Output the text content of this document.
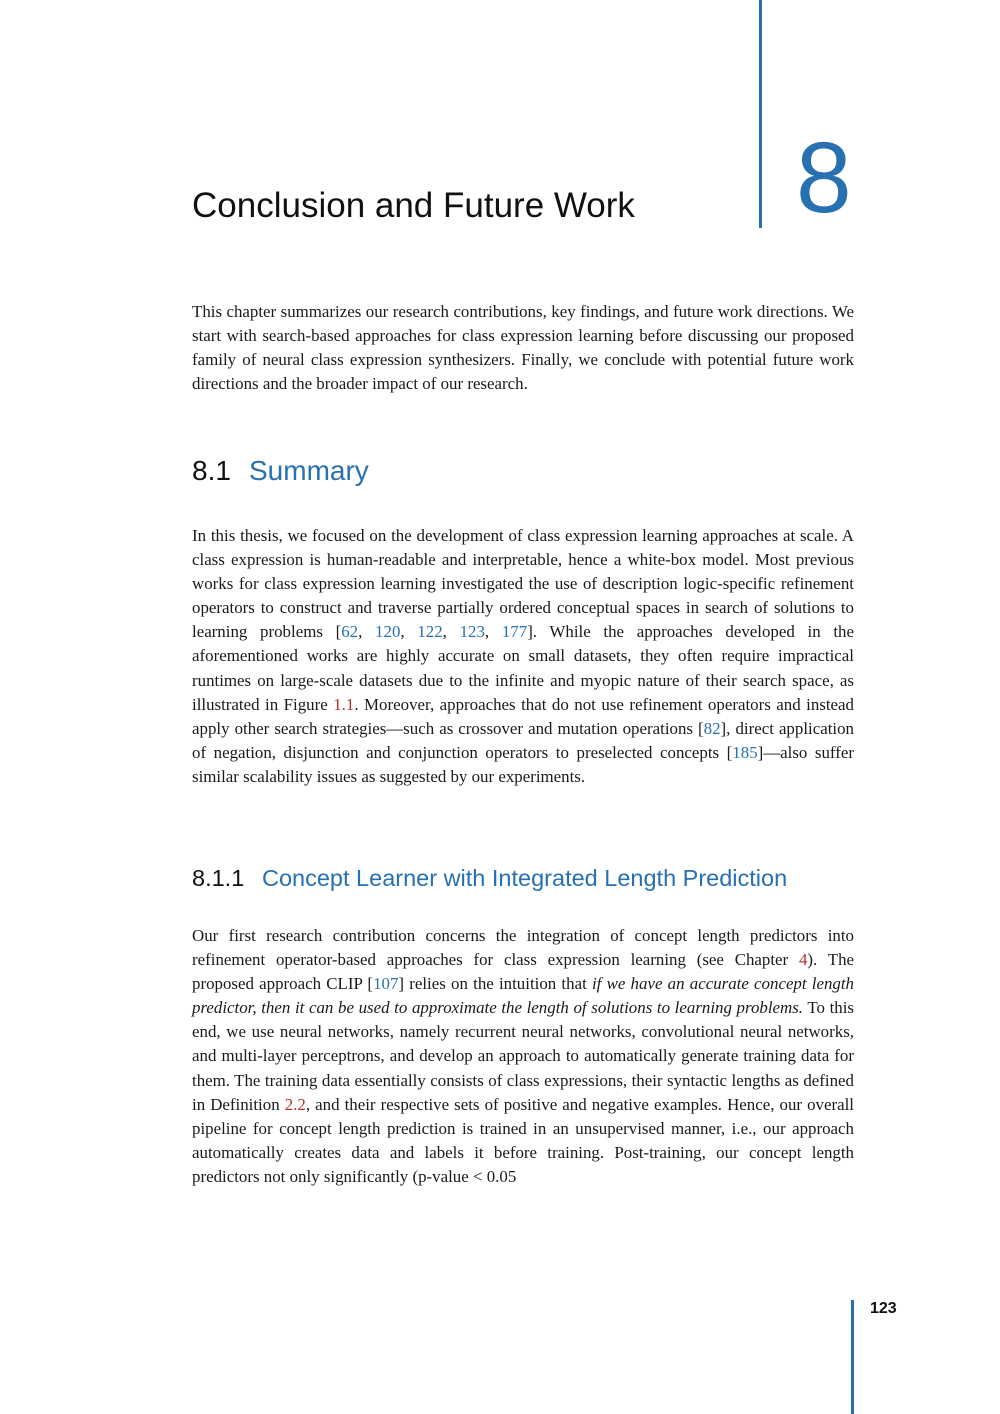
8
Conclusion and Future Work

This chapter summarizes our research contributions, key findings, and future work directions. We start with search-based approaches for class expression learning before discussing our proposed family of neural class expression synthesizers. Finally, we conclude with potential future work directions and the broader impact of our research.

8.1 Summary

In this thesis, we focused on the development of class expression learning approaches at scale. A class expression is human-readable and interpretable, hence a white-box model. Most previous works for class expression learning investigated the use of description logic-specific refinement operators to construct and traverse partially ordered conceptual spaces in search of solutions to learning problems [62, 120, 122, 123, 177]. While the approaches developed in the aforementioned works are highly accurate on small datasets, they often require impractical runtimes on large-scale datasets due to the infinite and myopic nature of their search space, as illustrated in Figure 1.1. Moreover, approaches that do not use refinement operators and instead apply other search strategies—such as crossover and mutation operations [82], direct application of negation, disjunction and conjunction operators to preselected concepts [185]—also suffer similar scalability issues as suggested by our experiments.

8.1.1 Concept Learner with Integrated Length Prediction

Our first research contribution concerns the integration of concept length predictors into refinement operator-based approaches for class expression learning (see Chapter 4). The proposed approach CLIP [107] relies on the intuition that if we have an accurate concept length predictor, then it can be used to approximate the length of solutions to learning problems. To this end, we use neural networks, namely recurrent neural networks, convolutional neural networks, and multi-layer perceptrons, and develop an approach to automatically generate training data for them. The training data essentially consists of class expressions, their syntactic lengths as defined in Definition 2.2, and their respective sets of positive and negative examples. Hence, our overall pipeline for concept length prediction is trained in an unsupervised manner, i.e., our approach automatically creates data and labels it before training. Post-training, our concept length predictors not only significantly (p-value < 0.05

123
